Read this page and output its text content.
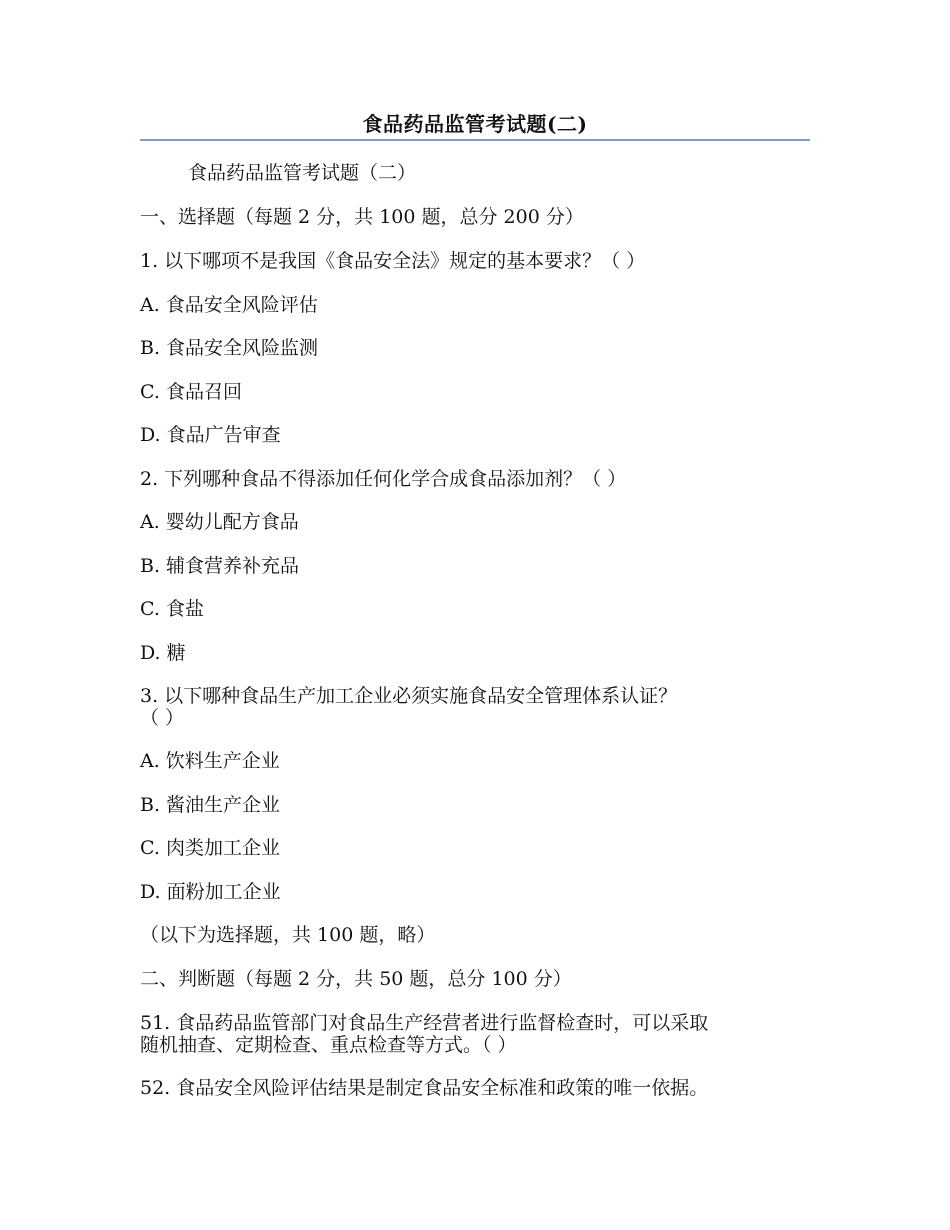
食品药品监管考试题(二)
食品药品监管考试题（二）
一、选择题（每题 2 分，共 100 题，总分 200 分）
1. 以下哪项不是我国《食品安全法》规定的基本要求？（ ）
A. 食品安全风险评估
B. 食品安全风险监测
C. 食品召回
D. 食品广告审查
2. 下列哪种食品不得添加任何化学合成食品添加剂？（ ）
A. 婴幼儿配方食品
B. 辅食营养补充品
C. 食盐
D. 糖
3. 以下哪种食品生产加工企业必须实施食品安全管理体系认证？
（ ）
A. 饮料生产企业
B. 酱油生产企业
C. 肉类加工企业
D. 面粉加工企业
（以下为选择题，共 100 题，略）
二、判断题（每题 2 分，共 50 题，总分 100 分）
51. 食品药品监管部门对食品生产经营者进行监督检查时，可以采取
随机抽查、定期检查、重点检查等方式。（ ）
52. 食品安全风险评估结果是制定食品安全标准和政策的唯一依据。
